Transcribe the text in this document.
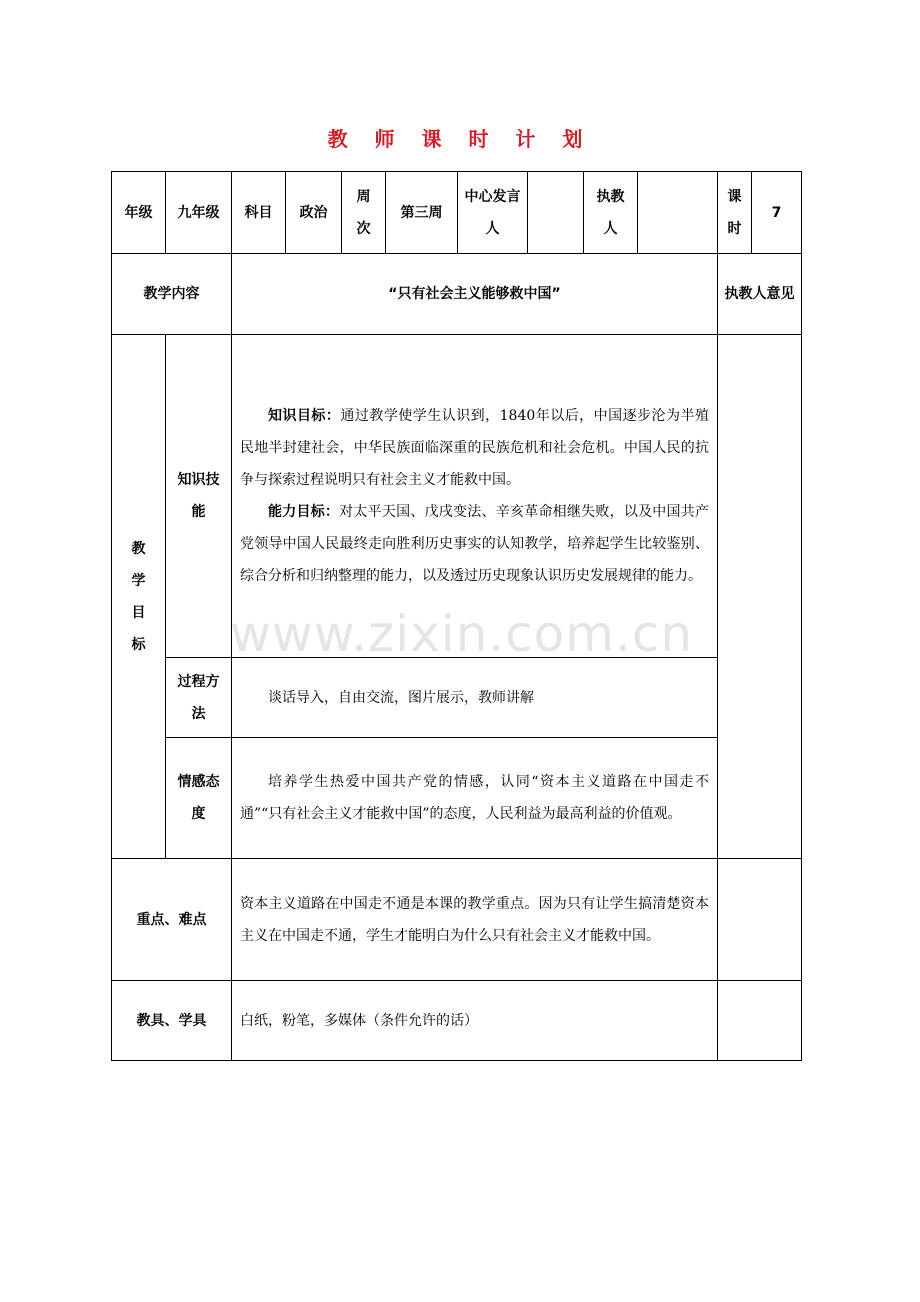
教 师 课 时 计 划
年级	九年级	科目	政治	周次	第三周	中心发言人		执教人		课时	7
教学内容		“只有社会主义能够救中国”								执教人意见	
教学目标	知识技能	知识目标：通过教学使学生认识到，1840年以后，中国逐步沦为半殖民地半封建社会，中华民族面临深重的民族危机和社会危机。中国人民的抗争与探索过程说明只有社会主义才能救中国。

能力目标：对太平天国、戊戌变法、辛亥革命相继失败，以及中国共产党领导中国人民最终走向胜利历史事实的认知教学，培养起学生比较鉴别、综合分析和归纳整理的能力，以及透过历史现象认识历史发展规律的能力。									

	过程方法	谈话导入，自由交流，图片展示，教师讲解									

	情感态度	培养学生热爱中国共产党的情感，认同“资本主义道路在中国走不通”“只有社会主义才能救中国”的态度，人民利益为最高利益的价值观。									

重点、难点		资本主义道路在中国走不通是本课的教学重点。因为只有让学生搞清楚资本主义在中国走不通，学生才能明白为什么只有社会主义才能救中国。									

教具、学具		白纸，粉笔，多媒体（条件允许的话）									

www.zixin.com.cn
